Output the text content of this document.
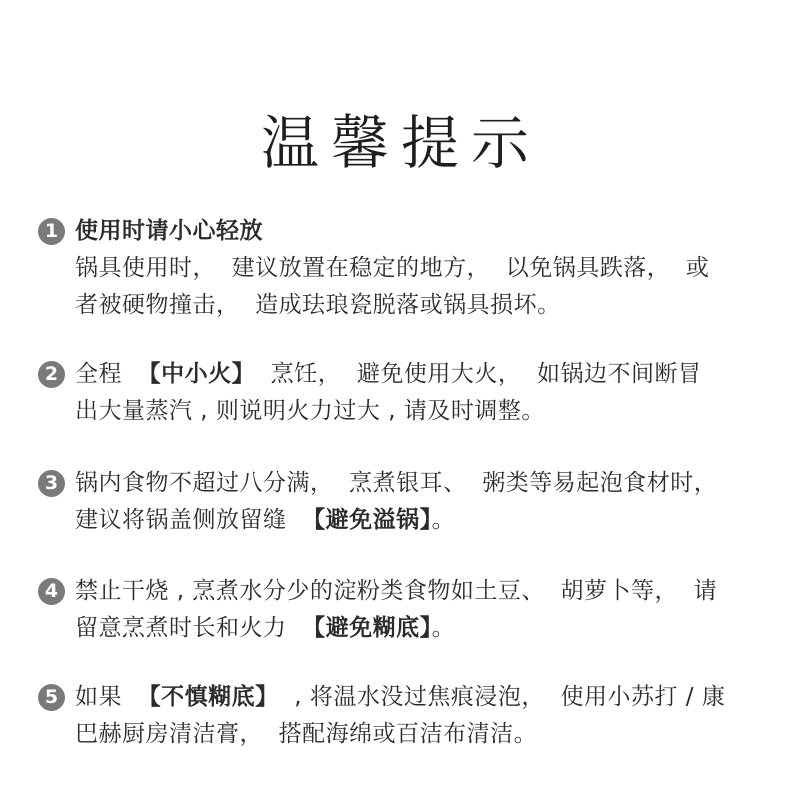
温馨提示
1 使用时请小心轻放
锅具使用时，  建议放置在稳定的地方，  以免锅具跌落，  或
者被硬物撞击，  造成珐琅瓷脱落或锅具损坏。
2 全程  【中小火】  烹饪，  避免使用大火，  如锅边不间断冒
出大量蒸汽 , 则说明火力过大 , 请及时调整。
3 锅内食物不超过八分满，  烹煮银耳、  粥类等易起泡食材时，
建议将锅盖侧放留缝  【避免溢锅】。
4 禁止干烧 , 烹煮水分少的淀粉类食物如土豆、  胡萝卜等，  请
留意烹煮时长和火力  【避免糊底】。
5 如果  【不慎糊底】  , 将温水没过焦痕浸泡，  使用小苏打 / 康
巴赫厨房清洁膏，  搭配海绵或百洁布清洁。
